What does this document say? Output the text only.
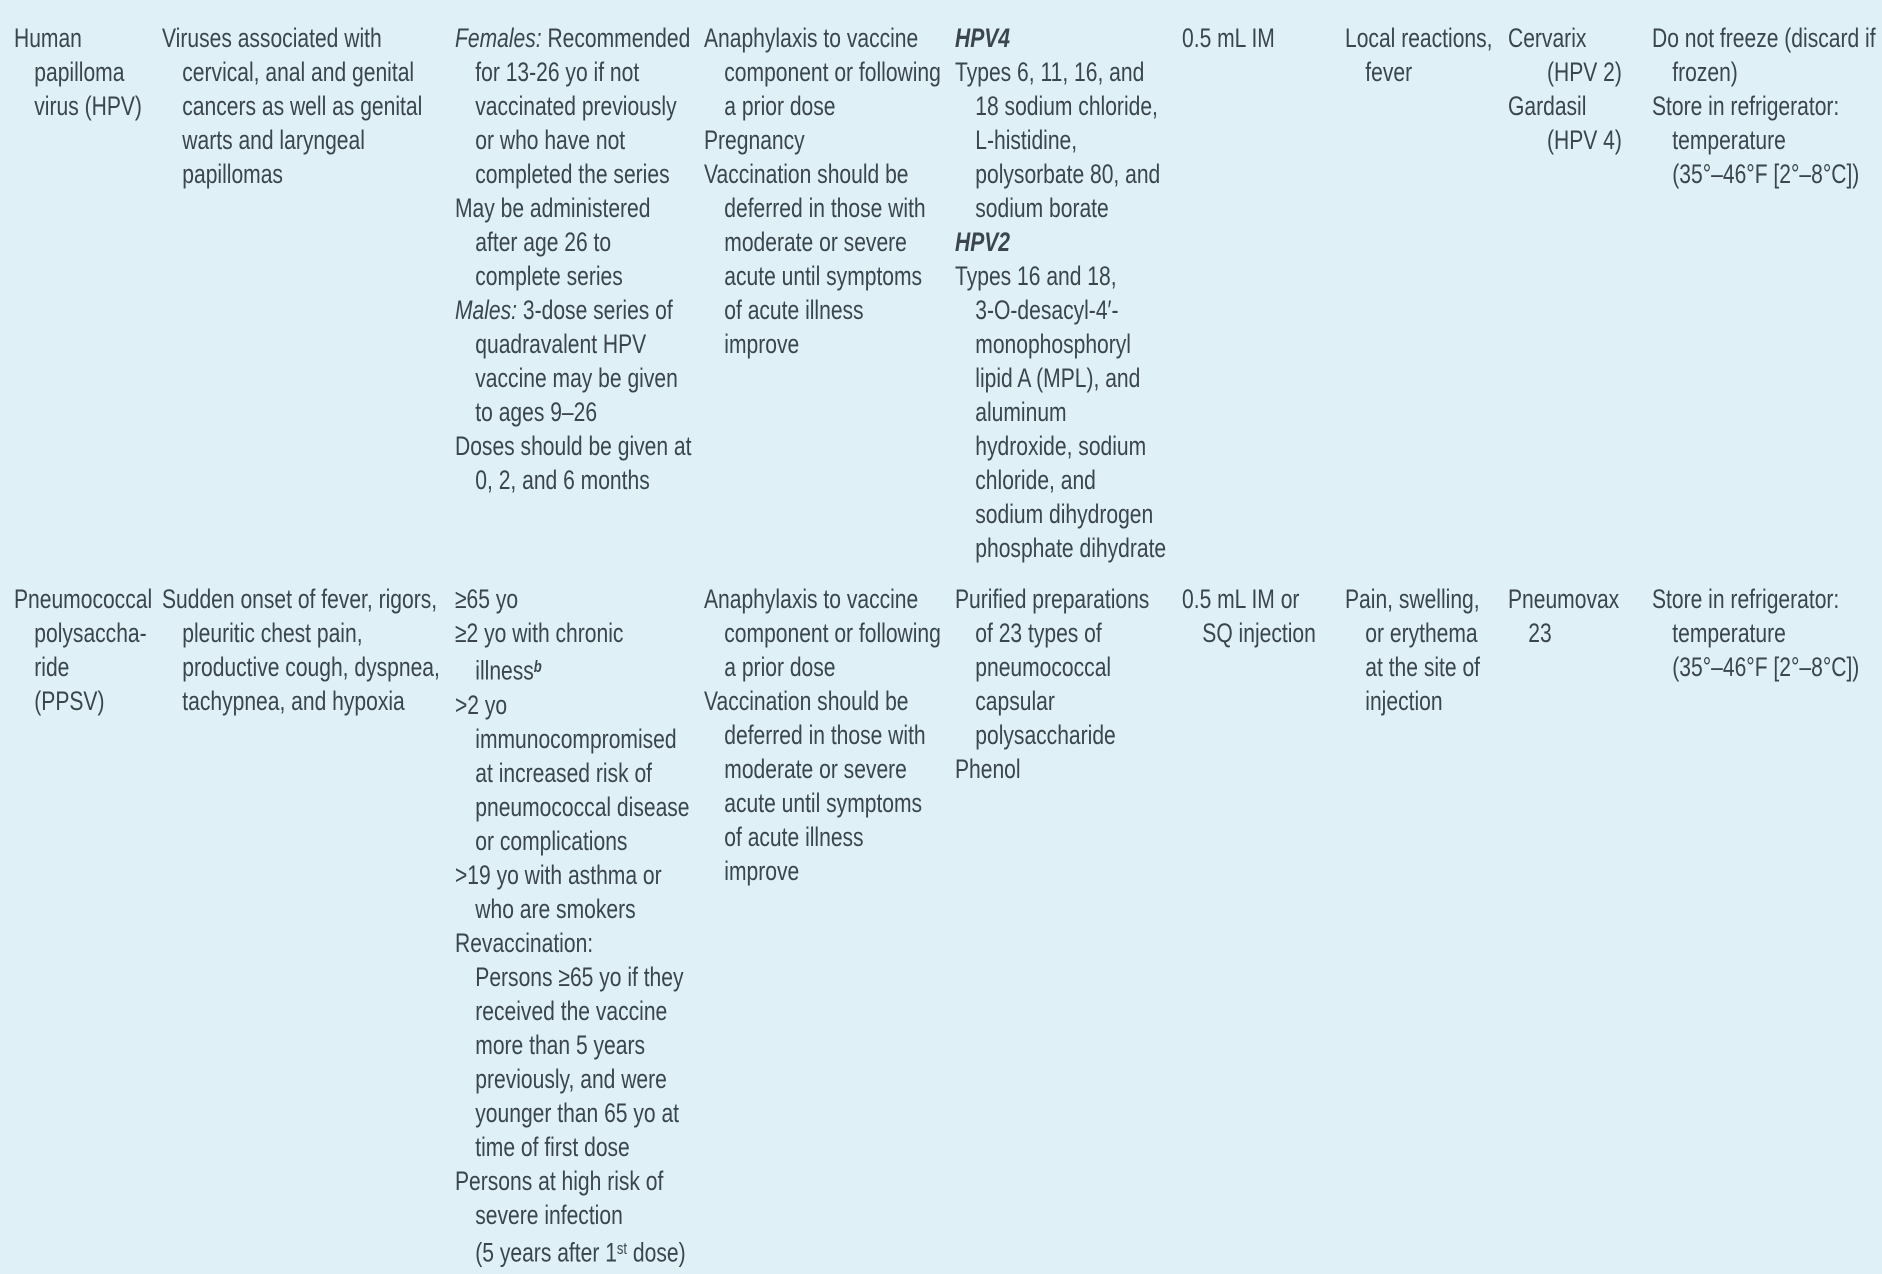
Human
papilloma
virus (HPV)

Viruses associated with
cervical, anal and genital
cancers as well as genital
warts and laryngeal
papillomas

Females: Recommended
for 13-26 yo if not
vaccinated previously
or who have not
completed the series

May be administered
after age 26 to
complete series

Males: 3-dose series of
quadravalent HPV
vaccine may be given
to ages 9–26

Doses should be given at
0, 2, and 6 months

Anaphylaxis to vaccine
component or following
a prior dose

Pregnancy

Vaccination should be
deferred in those with
moderate or severe
acute until symptoms
of acute illness
improve

HPV4

Types 6, 11, 16, and
18 sodium chloride,
L-histidine,
polysorbate 80, and
sodium borate

HPV2

Types 16 and 18,
3-O-desacyl-4′-
monophosphoryl
lipid A (MPL), and
aluminum
hydroxide, sodium
chloride, and
sodium dihydrogen
phosphate dihydrate

0.5 mL IM	Local reactions,
fever

Cervarix
(HPV 2)

Gardasil
(HPV 4)

Do not freeze (discard if
frozen)

Store in refrigerator:
temperature
(35°–46°F [2°–8°C])

Pneumococcal
polysaccha-
ride
(PPSV)

Sudden onset of fever, rigors,
pleuritic chest pain,
productive cough, dyspnea,
tachypnea, and hypoxia

≥65 yo

≥2 yo with chronic
illness$^b$

>2 yo
immunocompromised
at increased risk of
pneumococcal disease
or complications

>19 yo with asthma or
who are smokers

Revaccination:

Persons ≥65 yo if they
received the vaccine
more than 5 years
previously, and were
younger than 65 yo at
time of first dose

Persons at high risk of
severe infection
(5 years after 1st dose)

Anaphylaxis to vaccine
component or following
a prior dose

Vaccination should be
deferred in those with
moderate or severe
acute until symptoms
of acute illness
improve

Purified preparations
of 23 types of
pneumococcal
capsular
polysaccharide

Phenol

0.5 mL IM or
SQ injection

Pain, swelling,
or erythema
at the site of
injection

Pneumovax
23

Store in refrigerator:
temperature
(35°–46°F [2°–8°C])
